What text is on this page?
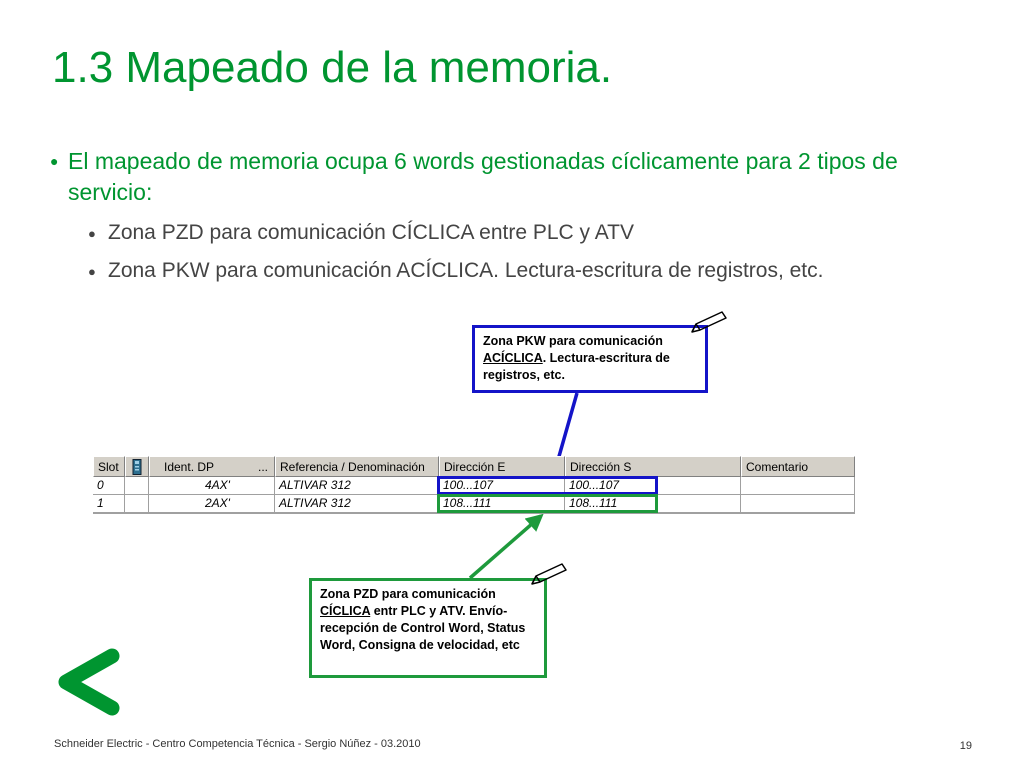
1.3 Mapeado de la memoria.
● El mapeado de memoria ocupa 6 words gestionadas cíclicamente para 2 tipos de servicio:
● Zona PZD para comunicación CÍCLICA entre PLC y ATV
● Zona PKW para comunicación ACÍCLICA. Lectura-escritura de registros, etc.
Slot	Ident. DP	... Referencia / Denominación	Dirección E	Dirección S	Comentario
0	4AX'	ALTIVAR 312	100...107	100...107
1	2AX'	ALTIVAR 312	108...111	108...111
Zona PKW para comunicación
ACÍCLICA. Lectura-escritura de registros, etc.
Zona PZD para comunicación
CÍCLICA entr PLC y ATV. Envío-recepción de Control Word, Status Word, Consigna de velocidad, etc
Schneider Electric - Centro Competencia Técnica - Sergio Núñez - 03.2010	19
